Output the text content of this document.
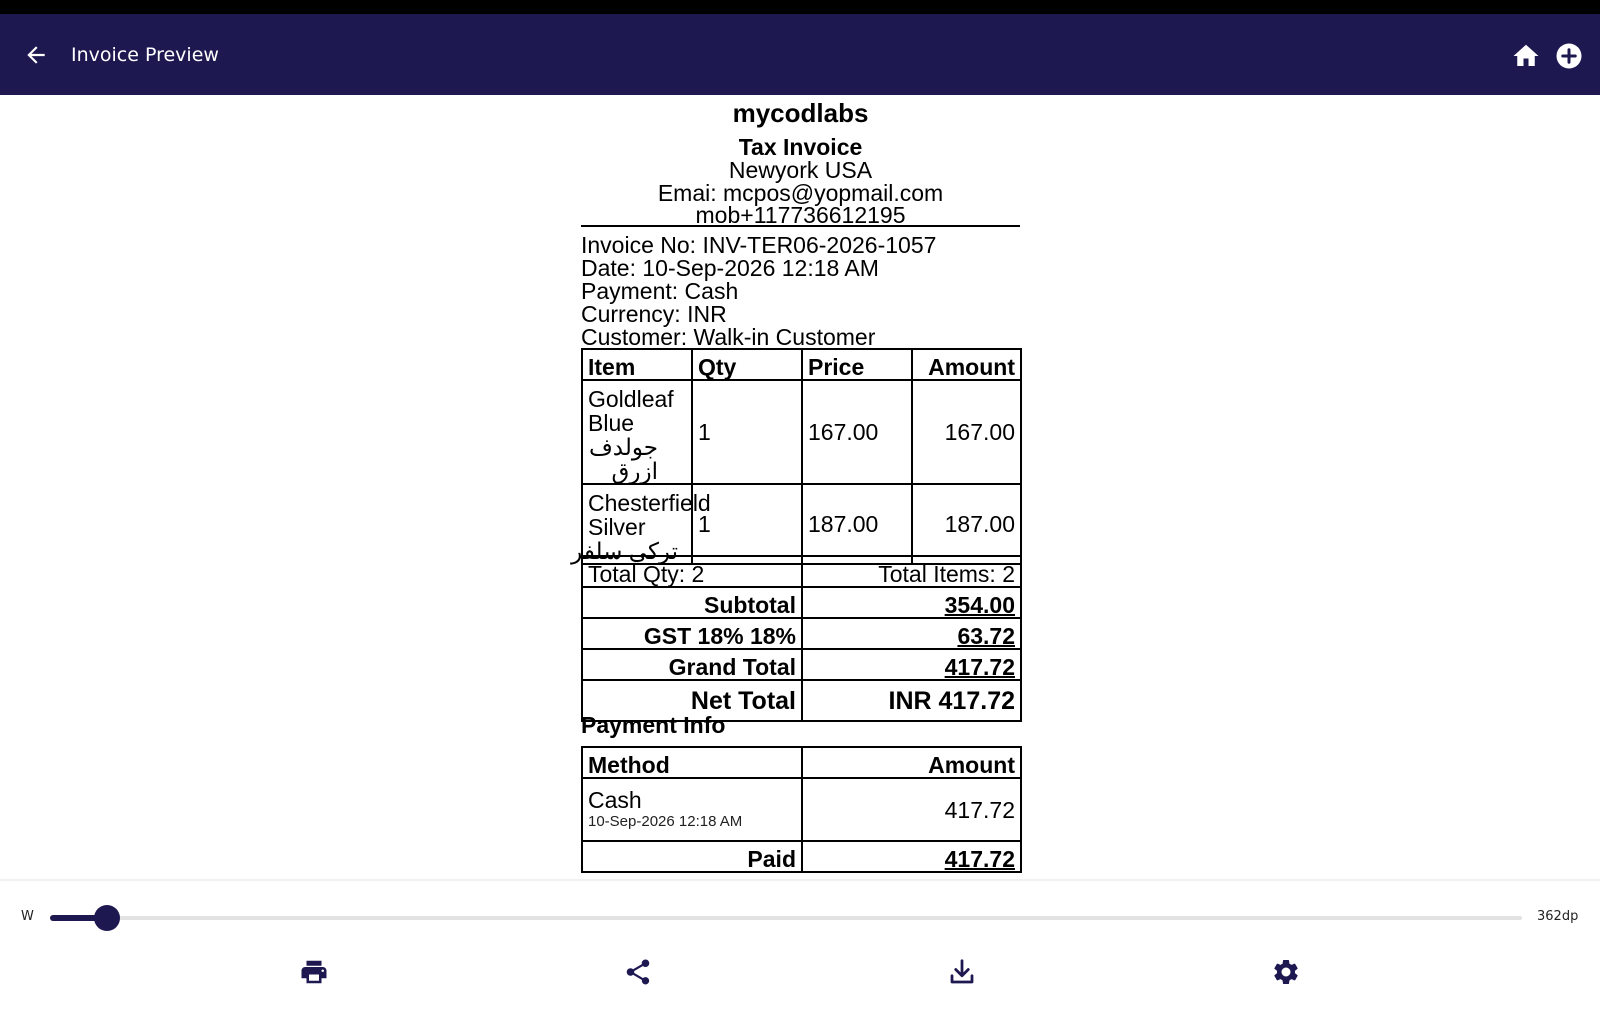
Invoice Preview
mycodlabs
Tax Invoice
Newyork USA
Emai: mcpos@yopmail.com
mob+117736612195
Invoice No: INV-TER06-2026-1057
Date: 10-Sep-2026 12:18 AM
Payment: Cash
Currency: INR
Customer: Walk-in Customer
Item	Qty	Price	Amount

Goldleaf
Blue
جولدف ازرق	1	167.00	167.00

Chesterfield
Silver
تركي سلفر	1	187.00	187.00
Total Qty: 2	Total Items: 2
Subtotal	354.00
GST 18% 18%	63.72
Grand Total	417.72
Net Total	INR 417.72
Payment Info
Method	Amount

Cash
10-Sep-2026 12:18 AM	417.72
Paid	417.72
W	362dp
